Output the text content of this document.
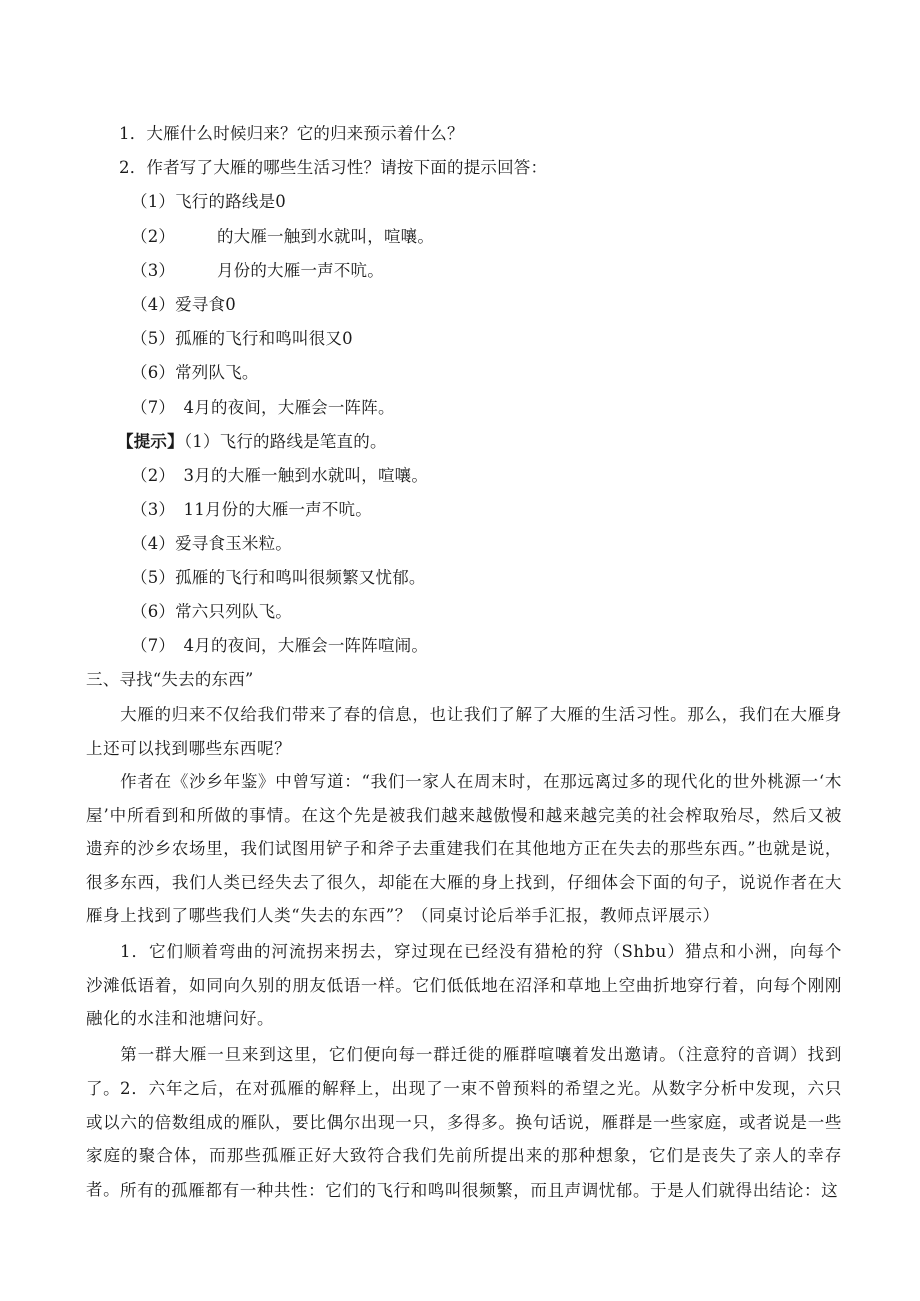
1．大雁什么时候归来？它的归来预示着什么？
2．作者写了大雁的哪些生活习性？请按下面的提示回答：
（1）飞行的路线是0
（2）　　　的大雁一触到水就叫，喧嚷。
（3）　　　月份的大雁一声不吭。
（4）爱寻食0
（5）孤雁的飞行和鸣叫很又0
（6）常列队飞。
（7）　4月的夜间，大雁会一阵阵。
【提示】（1）飞行的路线是笔直的。
（2）　3月的大雁一触到水就叫，喧嚷。
（3）　11月份的大雁一声不吭。
（4）爱寻食玉米粒。
（5）孤雁的飞行和鸣叫很频繁又忧郁。
（6）常六只列队飞。
（7）　4月的夜间，大雁会一阵阵喧闹。
三、寻找“失去的东西”
大雁的归来不仅给我们带来了春的信息，也让我们了解了大雁的生活习性。那么，我们在大雁身上还可以找到哪些东西呢？
作者在《沙乡年鉴》中曾写道：“我们一家人在周末时，在那远离过多的现代化的世外桃源一‘木屋’中所看到和所做的事情。在这个先是被我们越来越傲慢和越来越完美的社会榨取殆尽，然后又被遗弃的沙乡农场里，我们试图用铲子和斧子去重建我们在其他地方正在失去的那些东西。”也就是说，很多东西，我们人类已经失去了很久，却能在大雁的身上找到，仔细体会下面的句子，说说作者在大雁身上找到了哪些我们人类“失去的东西”？（同桌讨论后举手汇报，教师点评展示）
1．它们顺着弯曲的河流拐来拐去，穿过现在已经没有猎枪的狩（Shbu）猎点和小洲，向每个沙滩低语着，如同向久别的朋友低语一样。它们低低地在沼泽和草地上空曲折地穿行着，向每个刚刚融化的水洼和池塘问好。
第一群大雁一旦来到这里，它们便向每一群迁徙的雁群喧嚷着发出邀请。（注意狩的音调）找到了。 2．六年之后，在对孤雁的解释上，出现了一束不曾预料的希望之光。从数字分析中发现，六只或以六的倍数组成的雁队，要比偶尔出现一只，多得多。换句话说，雁群是一些家庭，或者说是一些家庭的聚合体，而那些孤雁正好大致符合我们先前所提出来的那种想象，它们是丧失了亲人的幸存者。 所有的孤雁都有一种共性：它们的飞行和鸣叫很频繁，而且声调忧郁。于是人们就得出结论：这
